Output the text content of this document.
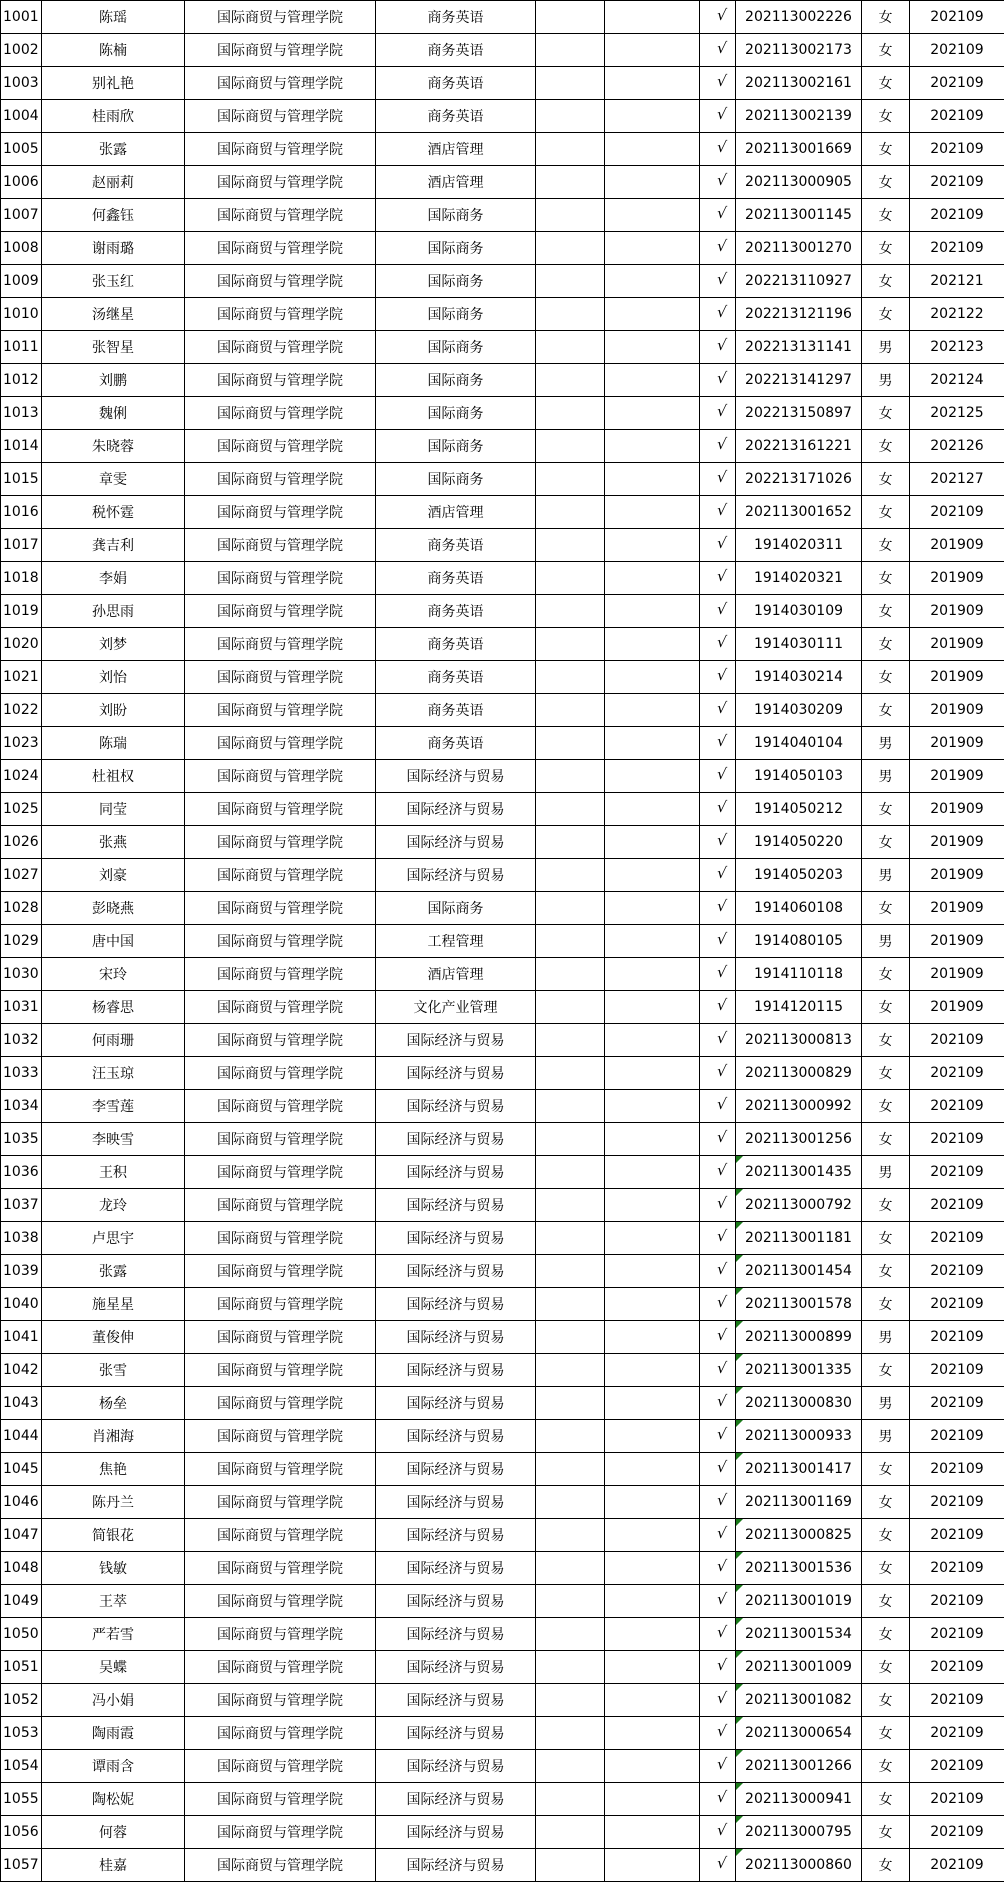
1001	陈瑶	国际商贸与管理学院	商务英语			√	202113002226	女	202109
1002	陈楠	国际商贸与管理学院	商务英语			√	202113002173	女	202109
1003	别礼艳	国际商贸与管理学院	商务英语			√	202113002161	女	202109
1004	桂雨欣	国际商贸与管理学院	商务英语			√	202113002139	女	202109
1005	张露	国际商贸与管理学院	酒店管理			√	202113001669	女	202109
1006	赵丽莉	国际商贸与管理学院	酒店管理			√	202113000905	女	202109
1007	何鑫钰	国际商贸与管理学院	国际商务			√	202113001145	女	202109
1008	谢雨璐	国际商贸与管理学院	国际商务			√	202113001270	女	202109
1009	张玉红	国际商贸与管理学院	国际商务			√	202213110927	女	202121
1010	汤继星	国际商贸与管理学院	国际商务			√	202213121196	女	202122
1011	张智星	国际商贸与管理学院	国际商务			√	202213131141	男	202123
1012	刘鹏	国际商贸与管理学院	国际商务			√	202213141297	男	202124
1013	魏俐	国际商贸与管理学院	国际商务			√	202213150897	女	202125
1014	朱晓蓉	国际商贸与管理学院	国际商务			√	202213161221	女	202126
1015	章雯	国际商贸与管理学院	国际商务			√	202213171026	女	202127
1016	税怀霆	国际商贸与管理学院	酒店管理			√	202113001652	女	202109
1017	龚吉利	国际商贸与管理学院	商务英语			√	1914020311	女	201909
1018	李娟	国际商贸与管理学院	商务英语			√	1914020321	女	201909
1019	孙思雨	国际商贸与管理学院	商务英语			√	1914030109	女	201909
1020	刘梦	国际商贸与管理学院	商务英语			√	1914030111	女	201909
1021	刘怡	国际商贸与管理学院	商务英语			√	1914030214	女	201909
1022	刘盼	国际商贸与管理学院	商务英语			√	1914030209	女	201909
1023	陈瑞	国际商贸与管理学院	商务英语			√	1914040104	男	201909
1024	杜祖权	国际商贸与管理学院	国际经济与贸易			√	1914050103	男	201909
1025	同莹	国际商贸与管理学院	国际经济与贸易			√	1914050212	女	201909
1026	张燕	国际商贸与管理学院	国际经济与贸易			√	1914050220	女	201909
1027	刘豪	国际商贸与管理学院	国际经济与贸易			√	1914050203	男	201909
1028	彭晓燕	国际商贸与管理学院	国际商务			√	1914060108	女	201909
1029	唐中国	国际商贸与管理学院	工程管理			√	1914080105	男	201909
1030	宋玲	国际商贸与管理学院	酒店管理			√	1914110118	女	201909
1031	杨睿思	国际商贸与管理学院	文化产业管理			√	1914120115	女	201909
1032	何雨珊	国际商贸与管理学院	国际经济与贸易			√	202113000813	女	202109
1033	汪玉琼	国际商贸与管理学院	国际经济与贸易			√	202113000829	女	202109
1034	李雪莲	国际商贸与管理学院	国际经济与贸易			√	202113000992	女	202109
1035	李映雪	国际商贸与管理学院	国际经济与贸易			√	202113001256	女	202109
1036	王积	国际商贸与管理学院	国际经济与贸易			√	202113001435	男	202109
1037	龙玲	国际商贸与管理学院	国际经济与贸易			√	202113000792	女	202109
1038	卢思宇	国际商贸与管理学院	国际经济与贸易			√	202113001181	女	202109
1039	张露	国际商贸与管理学院	国际经济与贸易			√	202113001454	女	202109
1040	施星星	国际商贸与管理学院	国际经济与贸易			√	202113001578	女	202109
1041	董俊伸	国际商贸与管理学院	国际经济与贸易			√	202113000899	男	202109
1042	张雪	国际商贸与管理学院	国际经济与贸易			√	202113001335	女	202109
1043	杨垒	国际商贸与管理学院	国际经济与贸易			√	202113000830	男	202109
1044	肖湘海	国际商贸与管理学院	国际经济与贸易			√	202113000933	男	202109
1045	焦艳	国际商贸与管理学院	国际经济与贸易			√	202113001417	女	202109
1046	陈丹兰	国际商贸与管理学院	国际经济与贸易			√	202113001169	女	202109
1047	简银花	国际商贸与管理学院	国际经济与贸易			√	202113000825	女	202109
1048	钱敏	国际商贸与管理学院	国际经济与贸易			√	202113001536	女	202109
1049	王萃	国际商贸与管理学院	国际经济与贸易			√	202113001019	女	202109
1050	严若雪	国际商贸与管理学院	国际经济与贸易			√	202113001534	女	202109
1051	吴蝶	国际商贸与管理学院	国际经济与贸易			√	202113001009	女	202109
1052	冯小娟	国际商贸与管理学院	国际经济与贸易			√	202113001082	女	202109
1053	陶雨霞	国际商贸与管理学院	国际经济与贸易			√	202113000654	女	202109
1054	谭雨含	国际商贸与管理学院	国际经济与贸易			√	202113001266	女	202109
1055	陶松妮	国际商贸与管理学院	国际经济与贸易			√	202113000941	女	202109
1056	何蓉	国际商贸与管理学院	国际经济与贸易			√	202113000795	女	202109
1057	桂嘉	国际商贸与管理学院	国际经济与贸易			√	202113000860	女	202109
